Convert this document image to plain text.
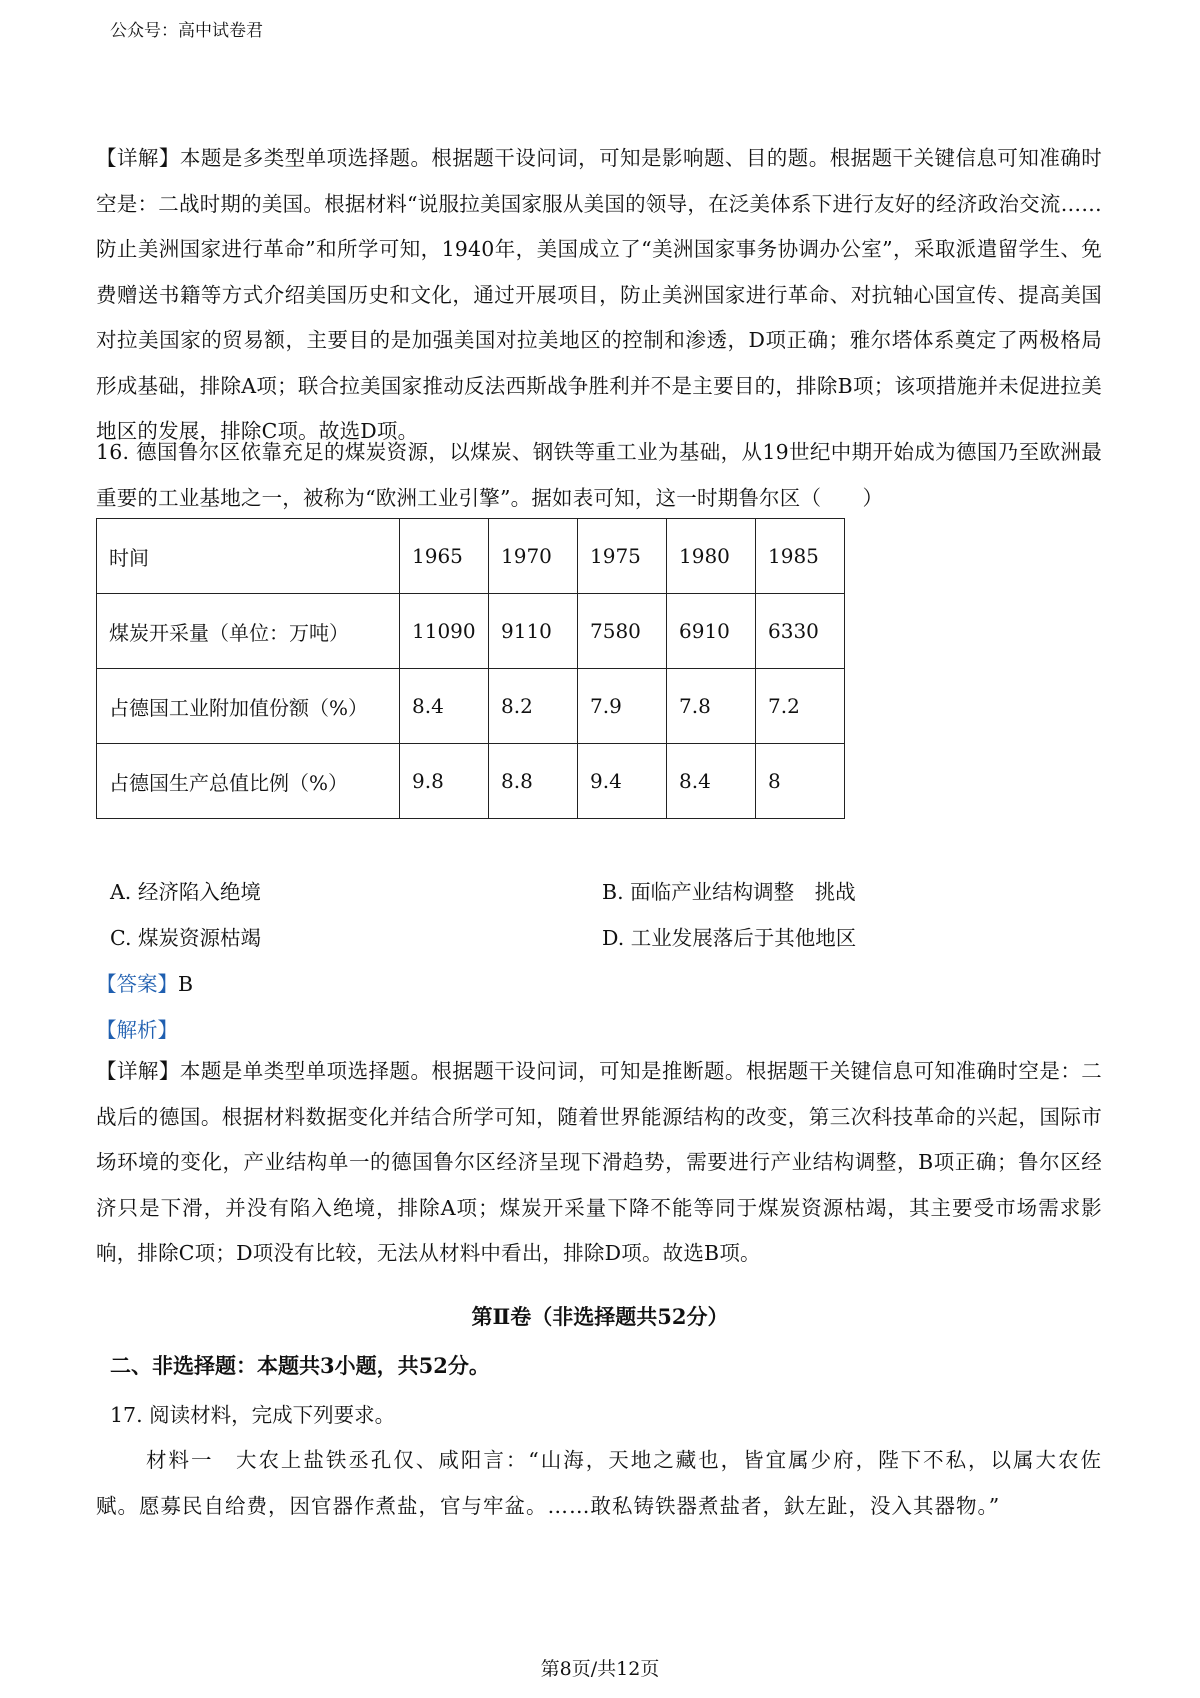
公众号：高中试卷君

【详解】本题是多类型单项选择题。根据题干设问词，可知是影响题、目的题。根据题干关键信息可知准确时空是：二战时期的美国。根据材料“说服拉美国家服从美国的领导，在泛美体系下进行友好的经济政治交流……防止美洲国家进行革命”和所学可知，1940年，美国成立了“美洲国家事务协调办公室”，采取派遣留学生、免费赠送书籍等方式介绍美国历史和文化，通过开展项目，防止美洲国家进行革命、对抗轴心国宣传、提高美国对拉美国家的贸易额，主要目的是加强美国对拉美地区的控制和渗透，D项正确；雅尔塔体系奠定了两极格局形成基础，排除A项；联合拉美国家推动反法西斯战争胜利并不是主要目的，排除B项；该项措施并未促进拉美地区的发展，排除C项。故选D项。

16. 德国鲁尔区依靠充足的煤炭资源，以煤炭、钢铁等重工业为基础，从19世纪中期开始成为德国乃至欧洲最重要的工业基地之一，被称为“欧洲工业引擎”。据如表可知，这一时期鲁尔区（　　）

时间	1965	1970	1975	1980	1985
煤炭开采量（单位：万吨）	11090	9110	7580	6910	6330
占德国工业附加值份额（%）	8.4	8.2	7.9	7.8	7.2
占德国生产总值比例（%）	9.8	8.8	9.4	8.4	8
A. 经济陷入绝境	B. 面临产业结构调整　挑战
C. 煤炭资源枯竭	D. 工业发展落后于其他地区
【答案】B
【解析】

【详解】本题是单类型单项选择题。根据题干设问词，可知是推断题。根据题干关键信息可知准确时空是：二战后的德国。根据材料数据变化并结合所学可知，随着世界能源结构的改变，第三次科技革命的兴起，国际市场环境的变化，产业结构单一的德国鲁尔区经济呈现下滑趋势，需要进行产业结构调整，B项正确；鲁尔区经济只是下滑，并没有陷入绝境，排除A项；煤炭开采量下降不能等同于煤炭资源枯竭，其主要受市场需求影响，排除C项；D项没有比较，无法从材料中看出，排除D项。故选B项。

第Ⅱ卷（非选择题共52分）
二、非选择题：本题共3小题，共52分。
17. 阅读材料，完成下列要求。

材料一　大农上盐铁丞孔仅、咸阳言：“山海，天地之藏也，皆宜属少府，陛下不私，以属大农佐赋。愿募民自给费，因官器作煮盐，官与牢盆。……敢私铸铁器煮盐者，釱左趾，没入其器物。”

第8页/共12页
